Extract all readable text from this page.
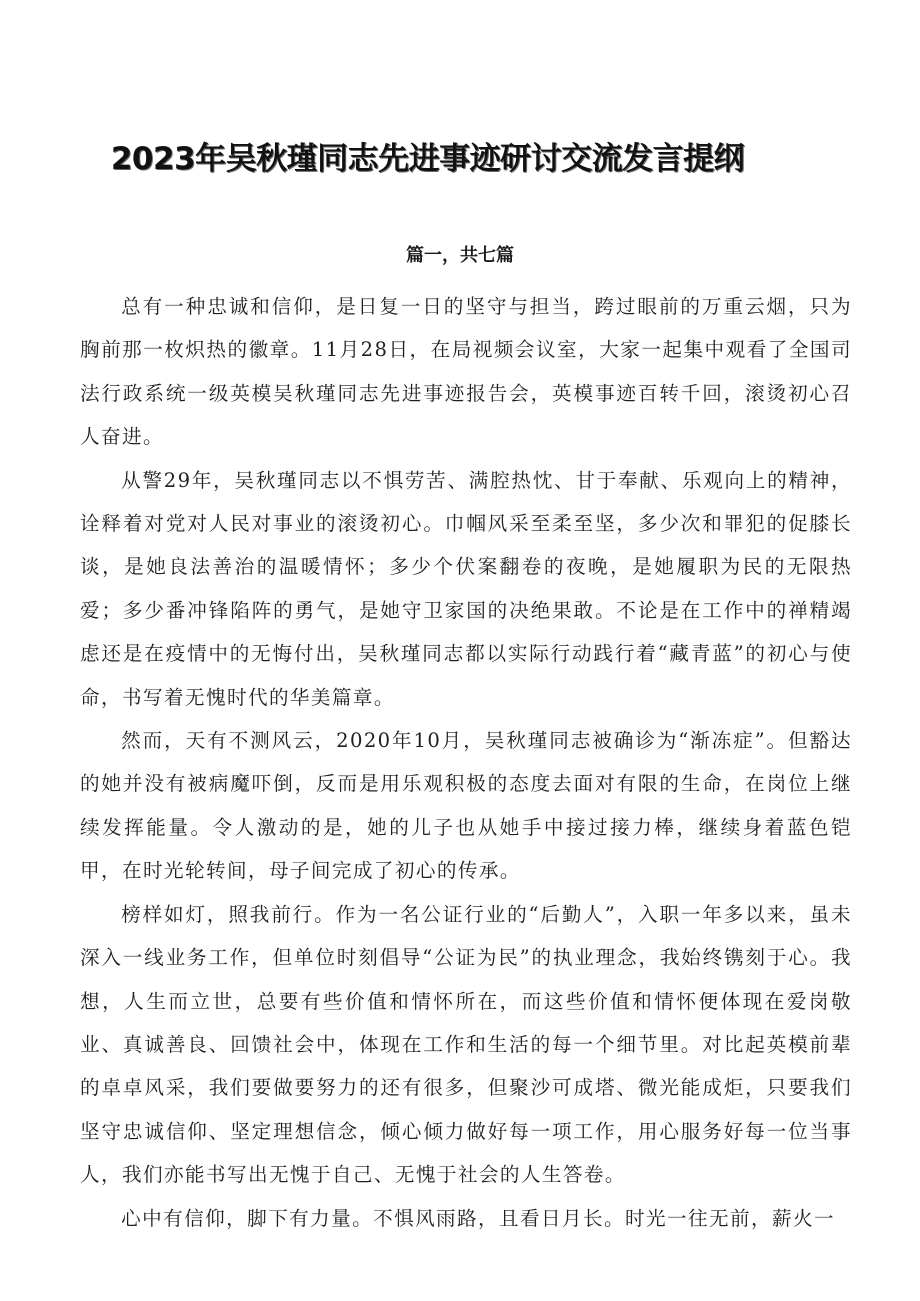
2023年吴秋瑾同志先进事迹研讨交流发言提纲
篇一，共七篇

总有一种忠诚和信仰，是日复一日的坚守与担当，跨过眼前的万重云烟，只为胸前那一枚炽热的徽章。11月28日，在局视频会议室，大家一起集中观看了全国司法行政系统一级英模吴秋瑾同志先进事迹报告会，英模事迹百转千回，滚烫初心召人奋进。

从警29年，吴秋瑾同志以不惧劳苦、满腔热忱、甘于奉献、乐观向上的精神，诠释着对党对人民对事业的滚烫初心。巾帼风采至柔至坚，多少次和罪犯的促膝长谈，是她良法善治的温暖情怀；多少个伏案翻卷的夜晚，是她履职为民的无限热爱；多少番冲锋陷阵的勇气，是她守卫家国的决绝果敢。不论是在工作中的禅精竭虑还是在疫情中的无悔付出，吴秋瑾同志都以实际行动践行着“藏青蓝”的初心与使命，书写着无愧时代的华美篇章。

然而，天有不测风云，2020年10月，吴秋瑾同志被确诊为“渐冻症”。但豁达的她并没有被病魔吓倒，反而是用乐观积极的态度去面对有限的生命，在岗位上继续发挥能量。令人激动的是，她的儿子也从她手中接过接力棒，继续身着蓝色铠甲，在时光轮转间，母子间完成了初心的传承。

榜样如灯，照我前行。作为一名公证行业的“后勤人”，入职一年多以来，虽未深入一线业务工作，但单位时刻倡导“公证为民”的执业理念，我始终镌刻于心。我想，人生而立世，总要有些价值和情怀所在，而这些价值和情怀便体现在爱岗敬业、真诚善良、回馈社会中，体现在工作和生活的每一个细节里。对比起英模前辈的卓卓风采，我们要做要努力的还有很多，但聚沙可成塔、微光能成炬，只要我们坚守忠诚信仰、坚定理想信念，倾心倾力做好每一项工作，用心服务好每一位当事人，我们亦能书写出无愧于自己、无愧于社会的人生答卷。

心中有信仰，脚下有力量。不惧风雨路，且看日月长。时光一往无前，薪火一
